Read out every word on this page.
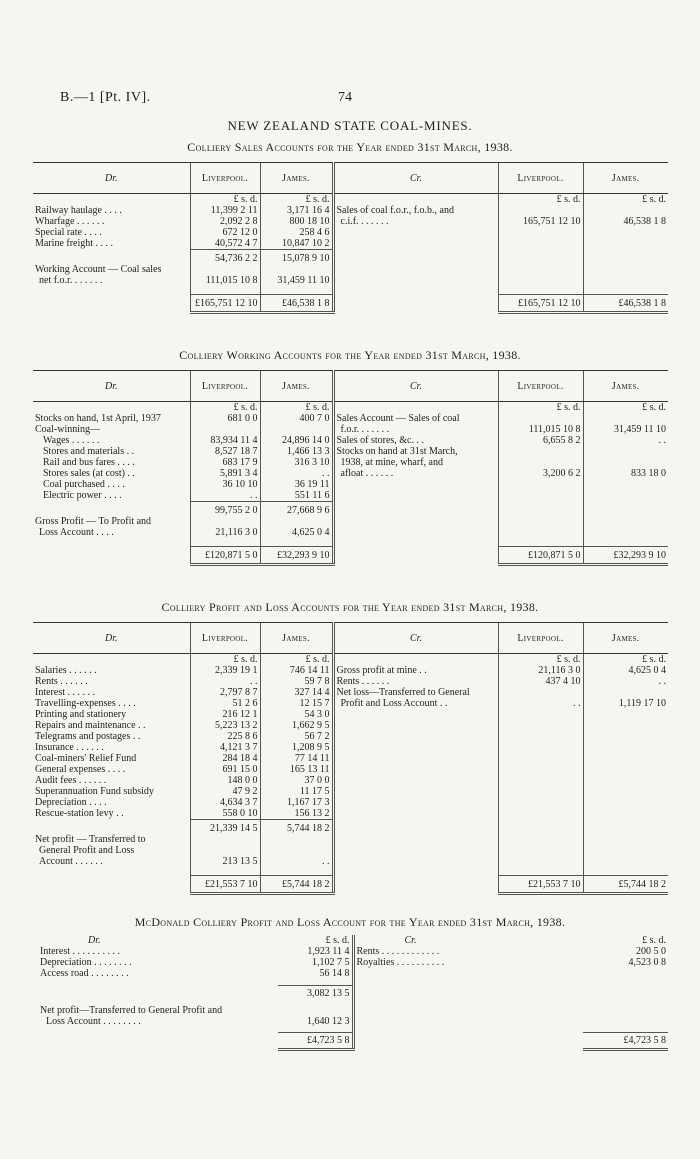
B.—1 [Pt. IV].	74
NEW ZEALAND STATE COAL-MINES.
Colliery Sales Accounts for the Year ended 31st March, 1938.
Dr.	Liverpool.	James.	Cr.	Liverpool.	James.
	£ s. d.	£ s. d.		£ s. d.	£ s. d.
Railway haulage . . . .	11,399 2 11	3,171 16 4	Sales of coal f.o.r., f.o.b., and		
Wharfage . . . . . .	2,092 2 8	800 18 10	c.i.f. . . . . . .	165,751 12 10	46,538 1 8
Special rate . . . .	672 12 0	258 4 6			
Marine freight . . . .	40,572 4 7	10,847 10 2			
	54,736 2 2	15,078 9 10			
Working Account — Coal sales					
net f.o.r. . . . . . .	111,015 10 8	31,459 11 10			

	£165,751 12 10	£46,538 1 8		£165,751 12 10	£46,538 1 8
Colliery Working Accounts for the Year ended 31st March, 1938.
Dr.	Liverpool.	James.	Cr.	Liverpool.	James.
	£ s. d.	£ s. d.		£ s. d.	£ s. d.
Stocks on hand, 1st April, 1937	681 0 0	400 7 0	Sales Account — Sales of coal		
Coal-winning—			f.o.r. . . . . . .	111,015 10 8	31,459 11 10
Wages . . . . . .	83,934 11 4	24,896 14 0	Sales of stores, &c. . .	6,655 8 2	. .
Stores and materials . .	8,527 18 7	1,466 13 3	Stocks on hand at 31st March,		
Rail and bus fares . . . .	683 17 9	316 3 10	1938, at mine, wharf, and		
Stores sales (at cost) . .	5,891 3 4	. .	afloat . . . . . .	3,200 6 2	833 18 0
Coal purchased . . . .	36 10 10	36 19 11			
Electric power . . . .	. .	551 11 6			
	99,755 2 0	27,668 9 6			
Gross Profit — To Profit and					
Loss Account . . . .	21,116 3 0	4,625 0 4			

	£120,871 5 0	£32,293 9 10		£120,871 5 0	£32,293 9 10
Colliery Profit and Loss Accounts for the Year ended 31st March, 1938.
Dr.	Liverpool.	James.	Cr.	Liverpool.	James.
	£ s. d.	£ s. d.		£ s. d.	£ s. d.
Salaries . . . . . .	2,339 19 1	746 14 11	Gross profit at mine . .	21,116 3 0	4,625 0 4
Rents . . . . . .	. .	59 7 8	Rents . . . . . .	437 4 10	. .
Interest . . . . . .	2,797 8 7	327 14 4	Net loss—Transferred to General		
Travelling-expenses . . . .	51 2 6	12 15 7	Profit and Loss Account . .	. .	1,119 17 10
Printing and stationery	216 12 1	54 3 0			
Repairs and maintenance . .	5,223 13 2	1,662 9 5			
Telegrams and postages . .	225 8 6	56 7 2			
Insurance . . . . . .	4,121 3 7	1,208 9 5			
Coal-miners' Relief Fund	284 18 4	77 14 11			
General expenses . . . .	691 15 0	165 13 11			
Audit fees . . . . . .	148 0 0	37 0 0			
Superannuation Fund subsidy	47 9 2	11 17 5			
Depreciation . . . .	4,634 3 7	1,167 17 3			
Rescue-station levy . .	558 0 10	156 13 2			
	21,339 14 5	5,744 18 2			
Net profit — Transferred to					
General Profit and Loss					
Account . . . . . .	213 13 5	. .			

	£21,553 7 10	£5,744 18 2		£21,553 7 10	£5,744 18 2
McDonald Colliery Profit and Loss Account for the Year ended 31st March, 1938.
Dr.	£ s. d.	Cr.	£ s. d.
Interest . . . . . . . . . .	1,923 11 4	Rents . . . . . . . . . . . .	200 5 0
Depreciation . . . . . . . .	1,102 7 5	Royalties . . . . . . . . . .	4,523 0 8
Access road . . . . . . . .	56 14 8		

	3,082 13 5		

Net profit—Transferred to General Profit and			
Loss Account . . . . . . . .	1,640 12 3		

	£4,723 5 8		£4,723 5 8
